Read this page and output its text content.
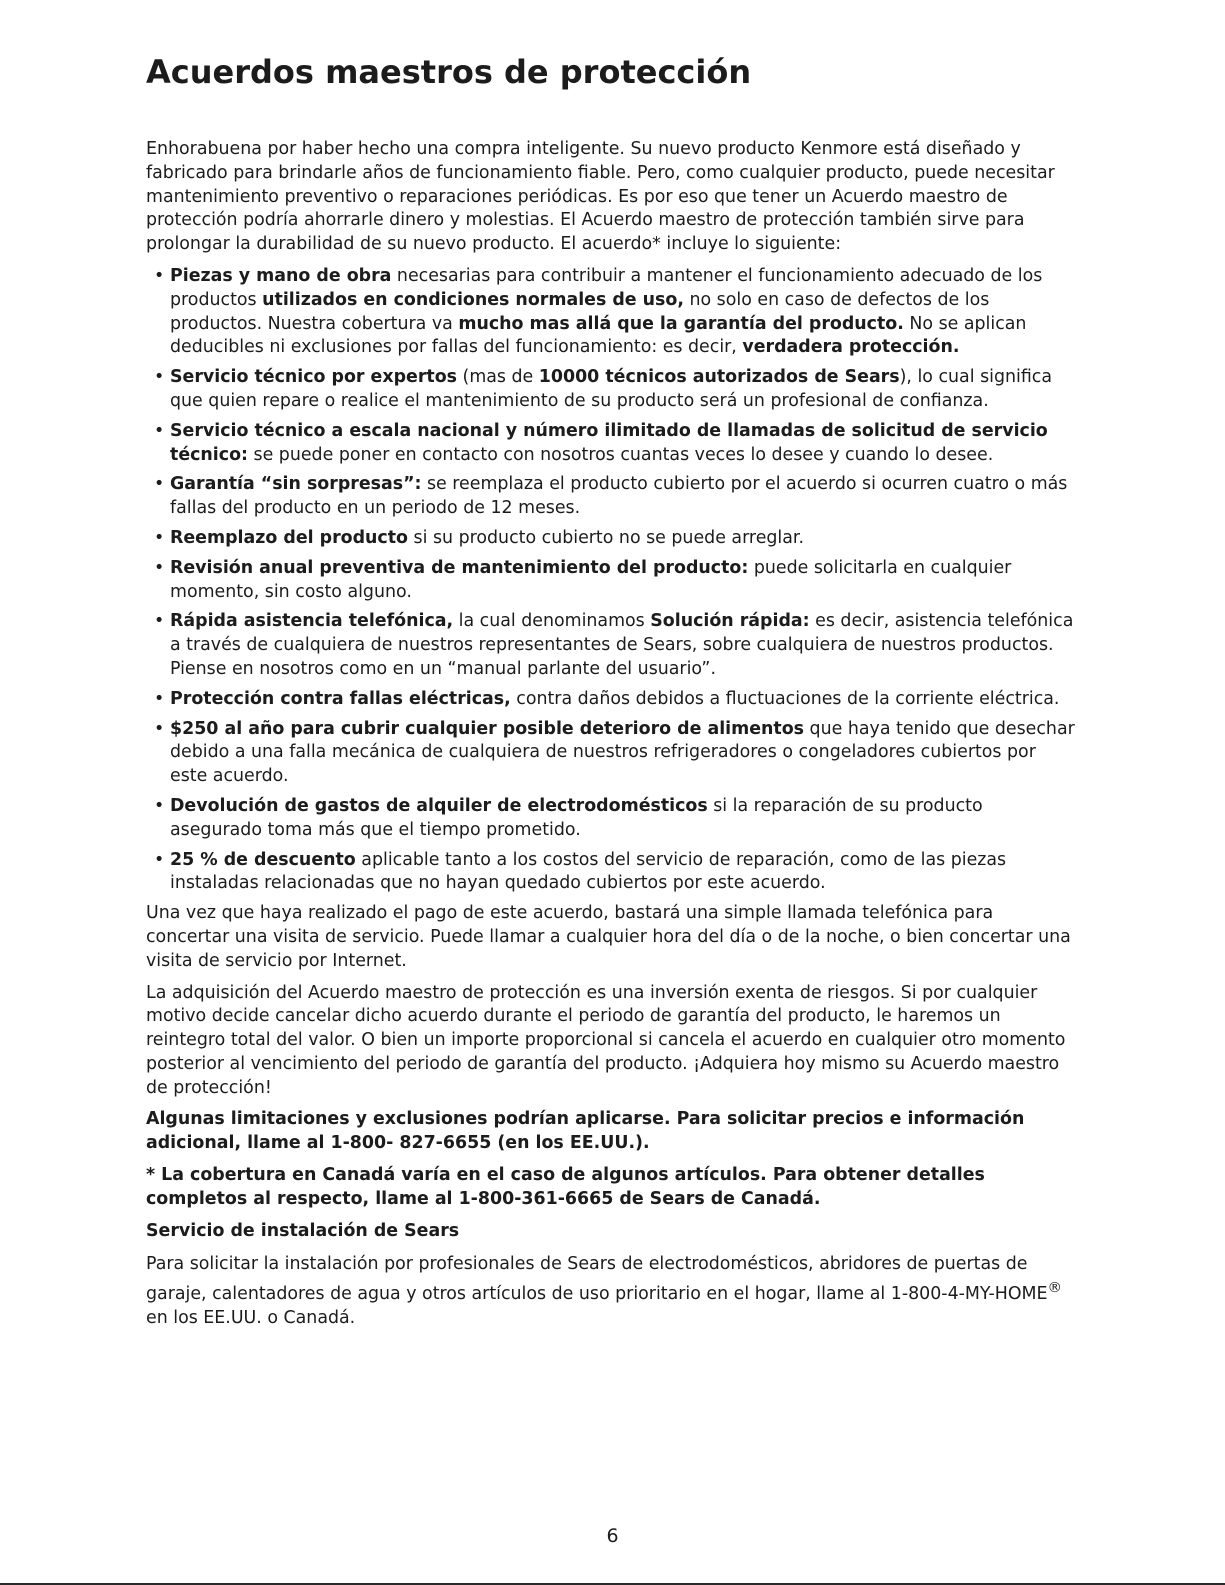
Acuerdos maestros de protección

Enhorabuena por haber hecho una compra inteligente. Su nuevo producto Kenmore está diseñado y fabricado para brindarle años de funcionamiento fiable. Pero, como cualquier producto, puede necesitar mantenimiento preventivo o reparaciones periódicas. Es por eso que tener un Acuerdo maestro de protección podría ahorrarle dinero y molestias. El Acuerdo maestro de protección también sirve para prolongar la durabilidad de su nuevo producto. El acuerdo* incluye lo siguiente:

• Piezas y mano de obra necesarias para contribuir a mantener el funcionamiento adecuado de los productos utilizados en condiciones normales de uso, no solo en caso de defectos de los productos. Nuestra cobertura va mucho mas allá que la garantía del producto. No se aplican deducibles ni exclusiones por fallas del funcionamiento: es decir, verdadera protección.
• Servicio técnico por expertos (mas de 10000 técnicos autorizados de Sears), lo cual significa que quien repare o realice el mantenimiento de su producto será un profesional de confianza.
• Servicio técnico a escala nacional y número ilimitado de llamadas de solicitud de servicio técnico: se puede poner en contacto con nosotros cuantas veces lo desee y cuando lo desee.
• Garantía “sin sorpresas”: se reemplaza el producto cubierto por el acuerdo si ocurren cuatro o más fallas del producto en un periodo de 12 meses.
• Reemplazo del producto si su producto cubierto no se puede arreglar.
• Revisión anual preventiva de mantenimiento del producto: puede solicitarla en cualquier momento, sin costo alguno.
• Rápida asistencia telefónica, la cual denominamos Solución rápida: es decir, asistencia telefónica a través de cualquiera de nuestros representantes de Sears, sobre cualquiera de nuestros productos. Piense en nosotros como en un “manual parlante del usuario”.
• Protección contra fallas eléctricas, contra daños debidos a fluctuaciones de la corriente eléctrica.
• $250 al año para cubrir cualquier posible deterioro de alimentos que haya tenido que desechar debido a una falla mecánica de cualquiera de nuestros refrigeradores o congeladores cubiertos por este acuerdo.
• Devolución de gastos de alquiler de electrodomésticos si la reparación de su producto asegurado toma más que el tiempo prometido.
• 25 % de descuento aplicable tanto a los costos del servicio de reparación, como de las piezas instaladas relacionadas que no hayan quedado cubiertos por este acuerdo.

Una vez que haya realizado el pago de este acuerdo, bastará una simple llamada telefónica para concertar una visita de servicio. Puede llamar a cualquier hora del día o de la noche, o bien concertar una visita de servicio por Internet.

La adquisición del Acuerdo maestro de protección es una inversión exenta de riesgos. Si por cualquier motivo decide cancelar dicho acuerdo durante el periodo de garantía del producto, le haremos un reintegro total del valor. O bien un importe proporcional si cancela el acuerdo en cualquier otro momento posterior al vencimiento del periodo de garantía del producto. ¡Adquiera hoy mismo su Acuerdo maestro de protección!

Algunas limitaciones y exclusiones podrían aplicarse. Para solicitar precios e información adicional, llame al 1-800- 827-6655 (en los EE.UU.).

* La cobertura en Canadá varía en el caso de algunos artículos. Para obtener detalles completos al respecto, llame al 1-800-361-6665 de Sears de Canadá.

Servicio de instalación de Sears

Para solicitar la instalación por profesionales de Sears de electrodomésticos, abridores de puertas de garaje, calentadores de agua y otros artículos de uso prioritario en el hogar, llame al 1-800-4-MY-HOME® en los EE.UU. o Canadá.

6
